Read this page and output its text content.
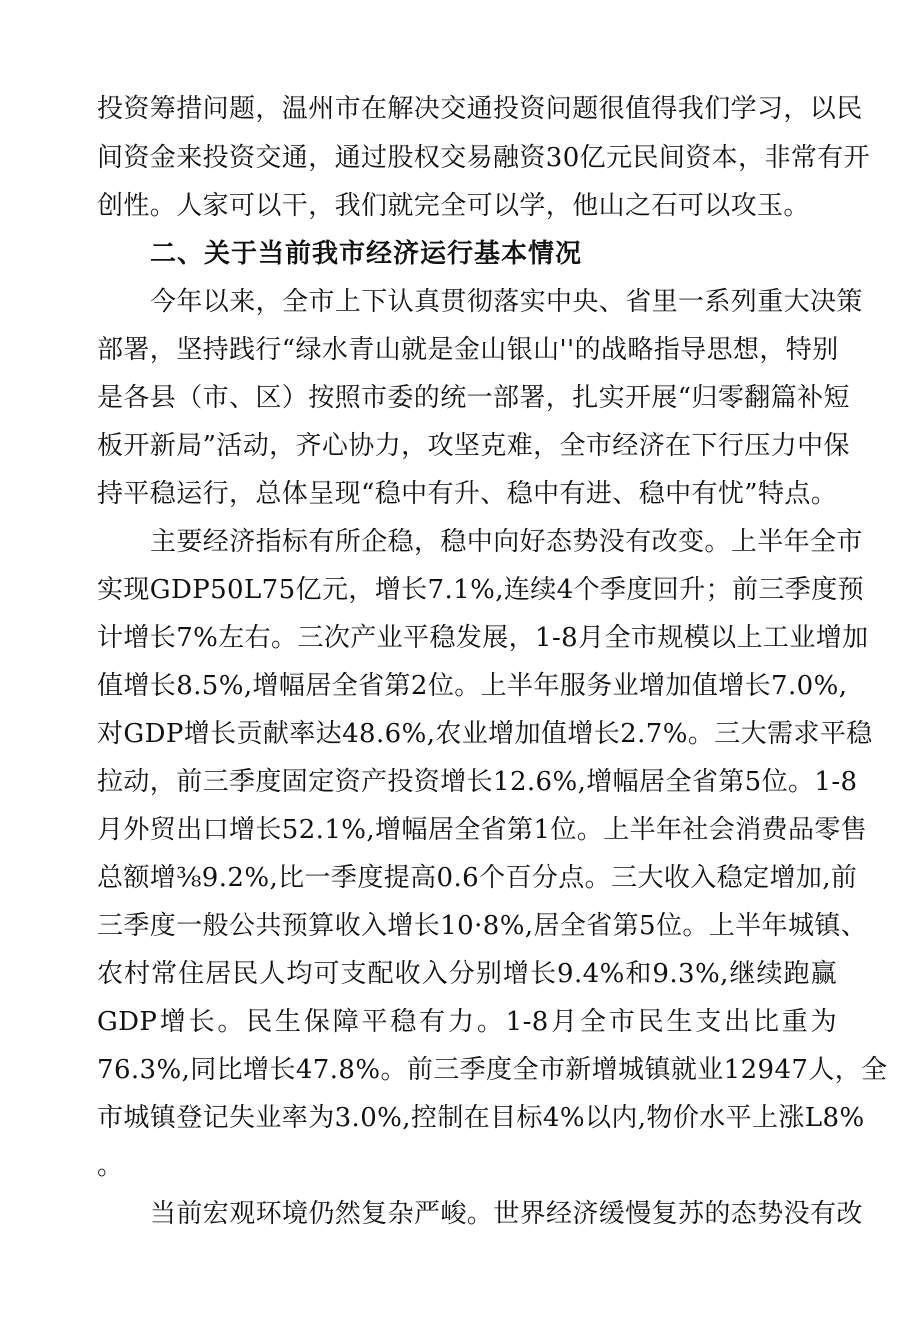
投资筹措问题，温州市在解决交通投资问题很值得我们学习，以民
间资金来投资交通，通过股权交易融资30亿元民间资本，非常有开
创性。人家可以干，我们就完全可以学，他山之石可以攻玉。
二、关于当前我市经济运行基本情况
今年以来，全市上下认真贯彻落实中央、省里一系列重大决策
部署，坚持践行“绿水青山就是金山银山''的战略指导思想，特别
是各县（市、区）按照市委的统一部署，扎实开展“归零翻篇补短
板开新局”活动，齐心协力，攻坚克难，全市经济在下行压力中保
持平稳运行，总体呈现“稳中有升、稳中有进、稳中有忧”特点。
主要经济指标有所企稳，稳中向好态势没有改变。上半年全市
实现GDP50L75亿元，增长7.1%,连续4个季度回升；前三季度预
计增长7%左右。三次产业平稳发展，1-8月全市规模以上工业增加
值增长8.5%,增幅居全省第2位。上半年服务业增加值增长7.0%,
对GDP增长贡献率达48.6%,农业增加值增长2.7%。三大需求平稳
拉动，前三季度固定资产投资增长12.6%,增幅居全省第5位。1-8
月外贸出口增长52.1%,增幅居全省第1位。上半年社会消费品零售
总额增⅜9.2%,比一季度提高0.6个百分点。三大收入稳定增加,前
三季度一般公共预算收入增长10·8%,居全省第5位。上半年城镇、
农村常住居民人均可支配收入分别增长9.4%和9.3%,继续跑赢
GDP增长。民生保障平稳有力。1-8月全市民生支出比重为
76.3%,同比增长47.8%。前三季度全市新增城镇就业12947人，全
市城镇登记失业率为3.0%,控制在目标4%以内,物价水平上涨L8%
。
当前宏观环境仍然复杂严峻。世界经济缓慢复苏的态势没有改
